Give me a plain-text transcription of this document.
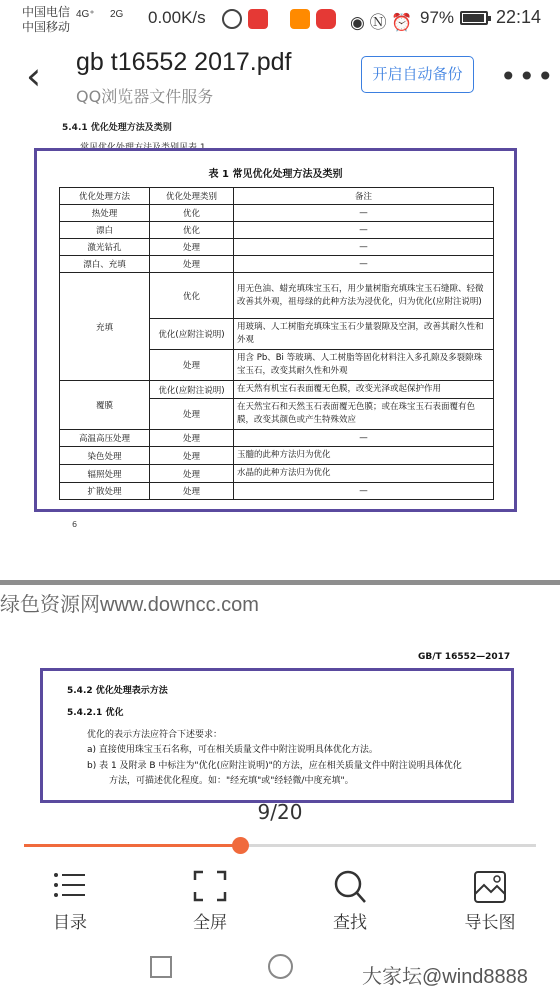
中国电信
中国移动
4G⁺ 2G 0.00K/s	◉ Ⓝ ⏰ 97% 22:14
‹ gb t16552 2017.pdf
QQ浏览器文件服务
开启自动备份	•••
5.4.1 优化处理方法及类别
表 1 常见优化处理方法及类别
优化处理方法	优化处理类别	备注
热处理	优化	—
漂白	优化	—
激光钻孔	处理	—
漂白、充填	处理	—
充填	优化	用无色油、蜡充填珠宝玉石，用少量树脂充填珠宝玉石缝隙、轻微改善其外观，祖母绿的此种方法为浸优化，归为优化(应附注说明)
	优化(应附注说明)	用玻璃、人工树脂充填珠宝玉石少量裂隙及空洞，改善其耐久性和外观
	处理	用含 Pb、Bi 等玻璃、人工树脂等固化材料注入多孔隙及多裂隙珠宝玉石，改变其耐久性和外观
覆膜	优化(应附注说明)	在天然有机宝石表面覆无色膜，改变光泽或起保护作用
	处理	在天然宝石和天然玉石表面覆无色膜；或在珠宝玉石表面覆有色膜，改变其颜色或产生特殊效应
高温高压处理	处理	—
染色处理	处理	玉髓的此种方法归为优化
辐照处理	处理	水晶的此种方法归为优化
扩散处理	处理	—
6
绿色资源网www.downcc.com
GB/T 16552—2017
5.4.2 优化处理表示方法
5.4.2.1 优化
优化的表示方法应符合下述要求：
a) 直接使用珠宝玉石名称，可在相关质量文件中附注说明具体优化方法。
b) 表 1 及附录 B 中标注为"优化(应附注说明)"的方法，应在相关质量文件中附注说明具体优化
方法，可描述优化程度。如："经充填"或"经轻微/中度充填"。
9/20
目录	全屏	查找	导长图
大家坛@wind8888
